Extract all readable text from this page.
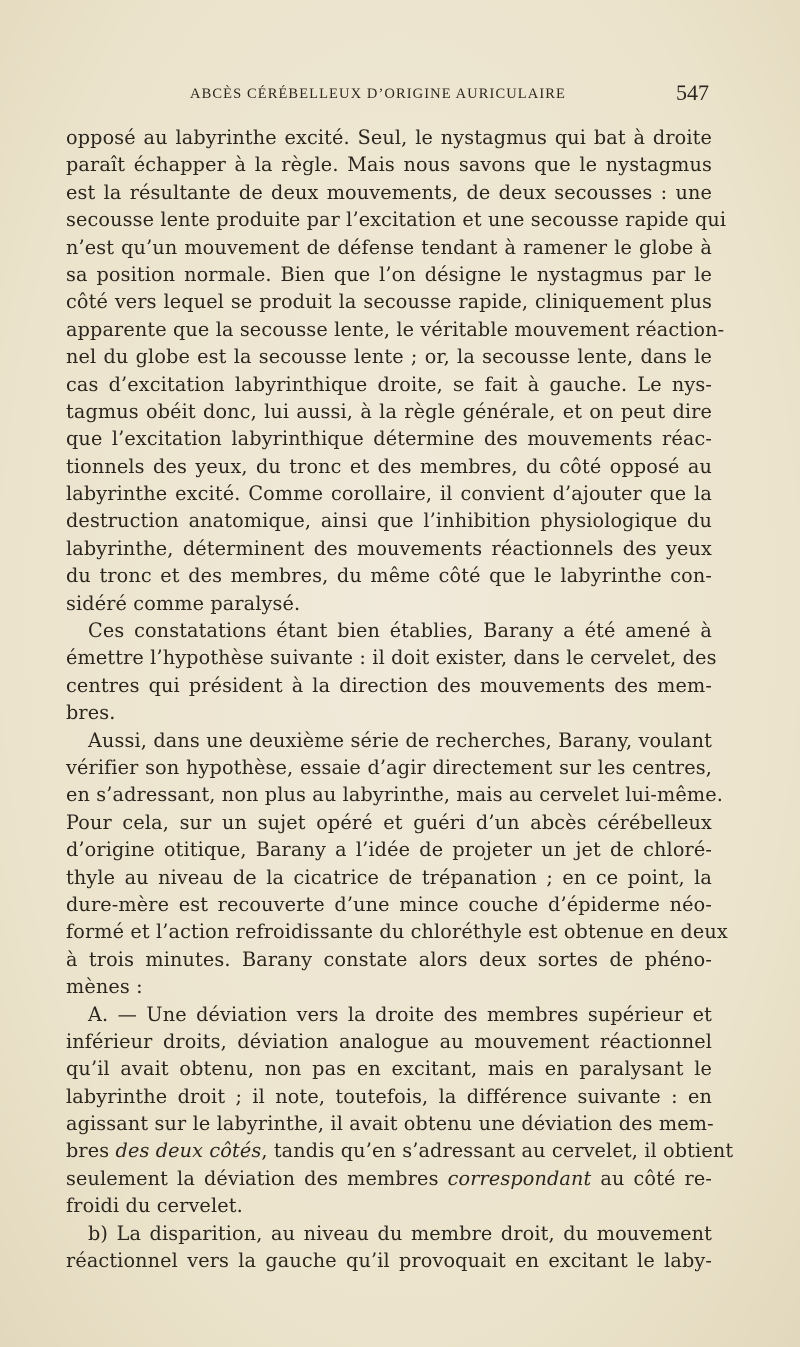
ABCÈS CÉRÉBELLEUX D’ORIGINE AURICULAIRE	547
opposé au labyrinthe excité. Seul, le nystagmus qui bat à droite
paraît échapper à la règle. Mais nous savons que le nystagmus
est la résultante de deux mouvements, de deux secousses : une
secousse lente produite par l’excitation et une secousse rapide qui
n’est qu’un mouvement de défense tendant à ramener le globe à
sa position normale. Bien que l’on désigne le nystagmus par le
côté vers lequel se produit la secousse rapide, cliniquement plus
apparente que la secousse lente, le véritable mouvement réaction-
nel du globe est la secousse lente ; or, la secousse lente, dans le
cas d’excitation labyrinthique droite, se fait à gauche. Le nys-
tagmus obéit donc, lui aussi, à la règle générale, et on peut dire
que l’excitation labyrinthique détermine des mouvements réac-
tionnels des yeux, du tronc et des membres, du côté opposé au
labyrinthe excité. Comme corollaire, il convient d’ajouter que la
destruction anatomique, ainsi que l’inhibition physiologique du
labyrinthe, déterminent des mouvements réactionnels des yeux
du tronc et des membres, du même côté que le labyrinthe con-
sidéré comme paralysé.
Ces constatations étant bien établies, Barany a été amené à
émettre l’hypothèse suivante : il doit exister, dans le cervelet, des
centres qui président à la direction des mouvements des mem-
bres.
Aussi, dans une deuxième série de recherches, Barany, voulant
vérifier son hypothèse, essaie d’agir directement sur les centres,
en s’adressant, non plus au labyrinthe, mais au cervelet lui-même.
Pour cela, sur un sujet opéré et guéri d’un abcès cérébelleux
d’origine otitique, Barany a l’idée de projeter un jet de chloré-
thyle au niveau de la cicatrice de trépanation ; en ce point, la
dure-mère est recouverte d’une mince couche d’épiderme néo-
formé et l’action refroidissante du chloréthyle est obtenue en deux
à trois minutes. Barany constate alors deux sortes de phéno-
mènes :
A. — Une déviation vers la droite des membres supérieur et
inférieur droits, déviation analogue au mouvement réactionnel
qu’il avait obtenu, non pas en excitant, mais en paralysant le
labyrinthe droit ; il note, toutefois, la différence suivante : en
agissant sur le labyrinthe, il avait obtenu une déviation des mem-
bres des deux côtés, tandis qu’en s’adressant au cervelet, il obtient
seulement la déviation des membres correspondant au côté re-
froidi du cervelet.
b) La disparition, au niveau du membre droit, du mouvement
réactionnel vers la gauche qu’il provoquait en excitant le laby-
